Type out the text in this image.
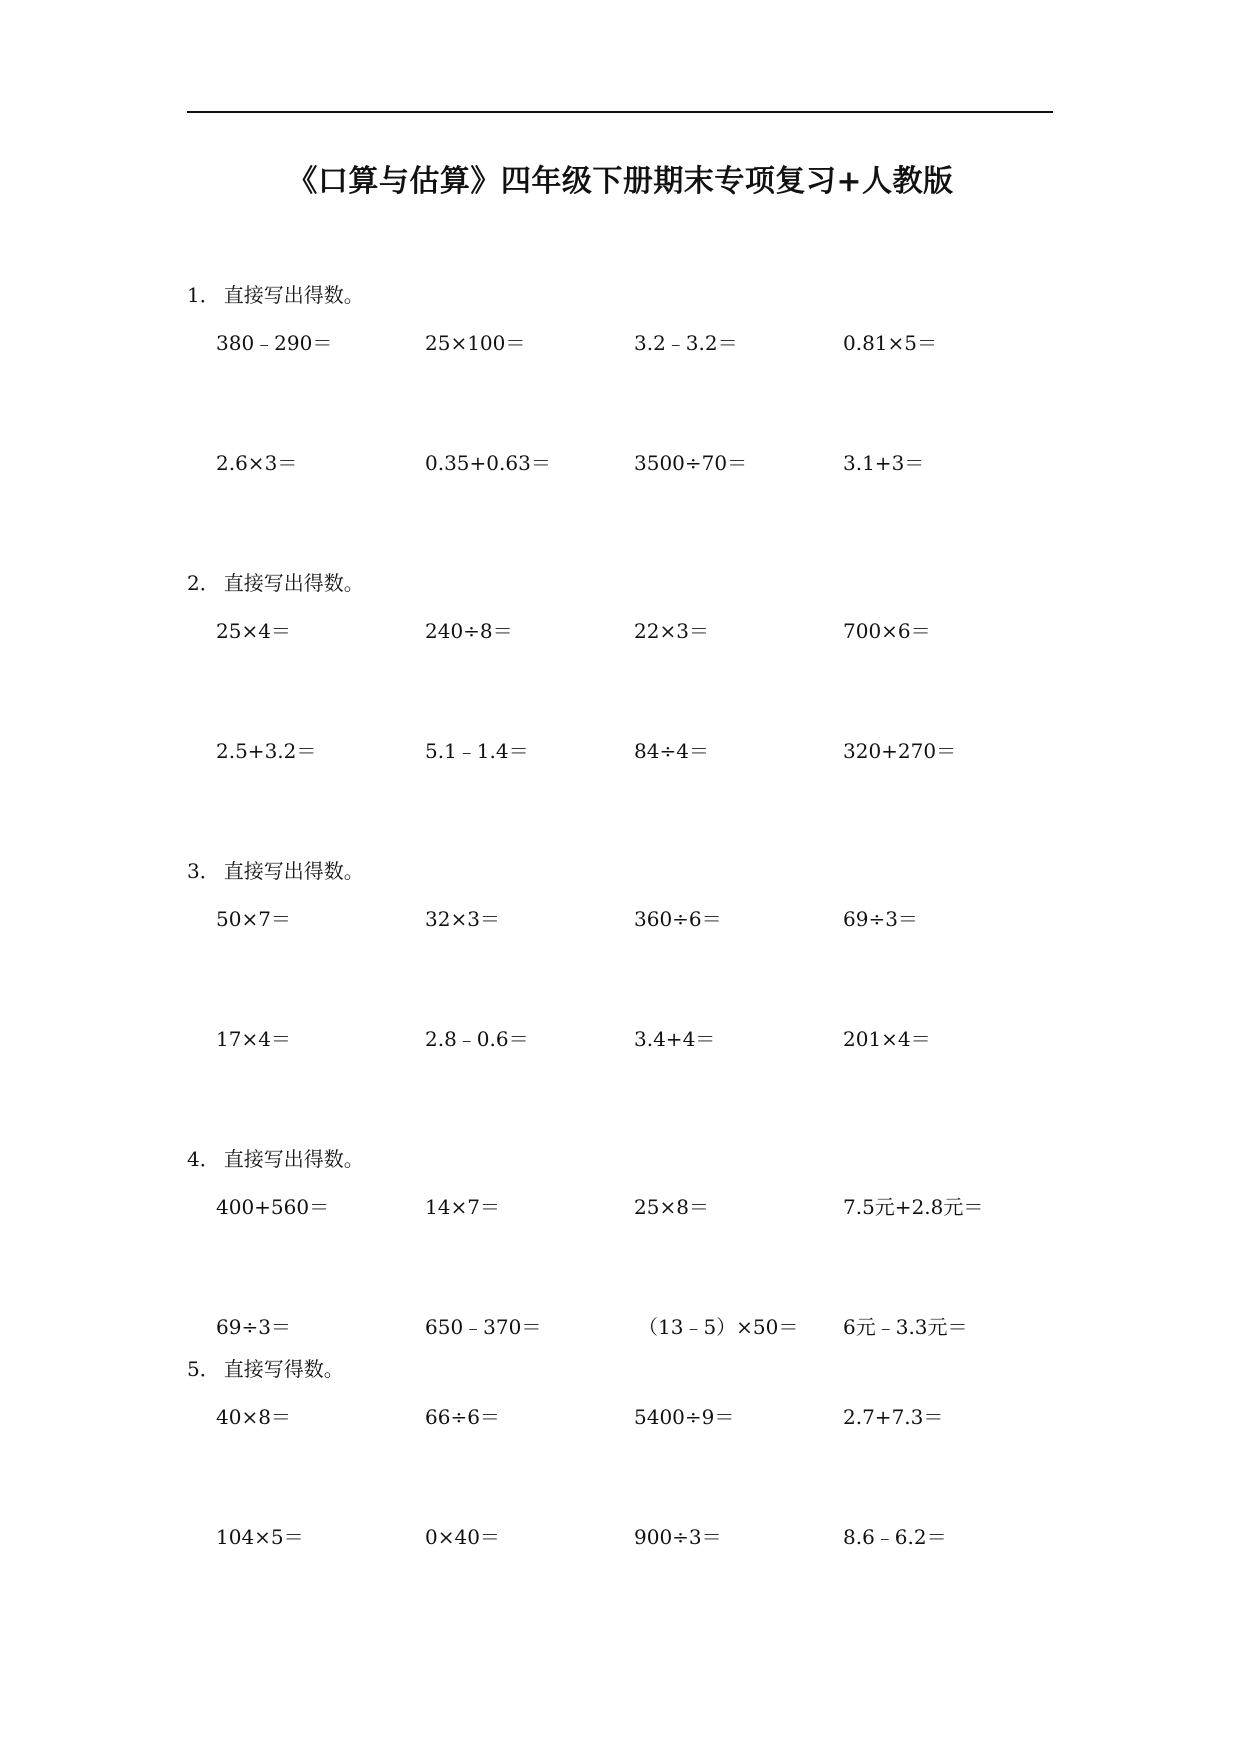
《口算与估算》四年级下册期末专项复习+人教版
1． 直接写出得数。
380﹣290＝	25×100＝	3.2﹣3.2＝	0.81×5＝
2.6×3＝	0.35+0.63＝	3500÷70＝	3.1+3＝
2． 直接写出得数。
25×4＝	240÷8＝	22×3＝	700×6＝
2.5+3.2＝	5.1﹣1.4＝	84÷4＝	320+270＝
3． 直接写出得数。
50×7＝	32×3＝	360÷6＝	69÷3＝
17×4＝	2.8﹣0.6＝	3.4+4＝	201×4＝
4． 直接写出得数。
400+560＝	14×7＝	25×8＝	7.5元+2.8元＝
69÷3＝	650﹣370＝	（13﹣5）×50＝ 6元﹣3.3元＝
5． 直接写得数。
40×8＝	66÷6＝	5400÷9＝	2.7+7.3＝
104×5＝	0×40＝	900÷3＝	8.6﹣6.2＝
